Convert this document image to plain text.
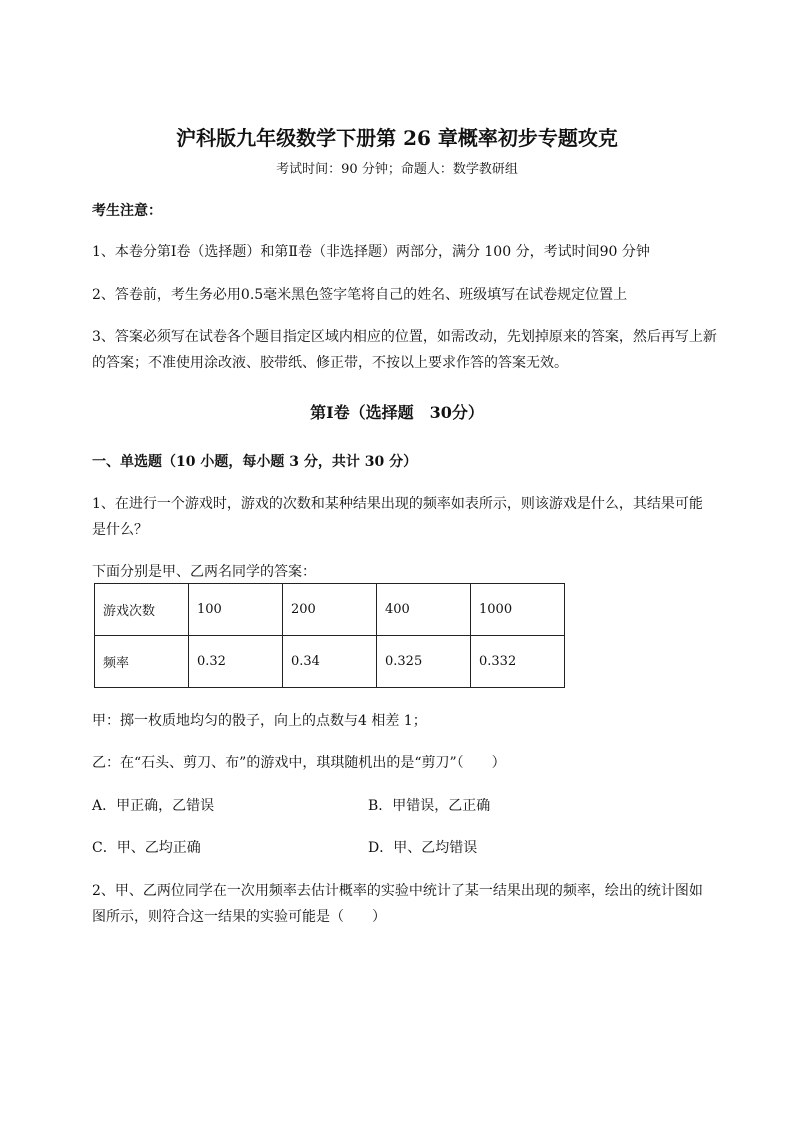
沪科版九年级数学下册第 26 章概率初步专题攻克
考试时间：90 分钟；命题人：数学教研组
考生注意：
1、本卷分第Ⅰ卷（选择题）和第Ⅱ卷（非选择题）两部分，满分 100 分，考试时间90 分钟
2、答卷前，考生务必用0.5毫米黑色签字笔将自己的姓名、班级填写在试卷规定位置上
3、答案必须写在试卷各个题目指定区域内相应的位置，如需改动，先划掉原来的答案，然后再写上新
的答案；不准使用涂改液、胶带纸、修正带，不按以上要求作答的答案无效。
第Ⅰ卷（选择题　30分）
一、单选题（10 小题，每小题 3 分，共计 30 分）
1、在进行一个游戏时，游戏的次数和某种结果出现的频率如表所示，则该游戏是什么，其结果可能
是什么？
下面分别是甲、乙两名同学的答案：
游戏次数	100	200	400	1000
频率	0.32	0.34	0.325	0.332
甲：掷一枚质地均匀的骰子，向上的点数与4 相差 1；
乙：在“石头、剪刀、布”的游戏中，琪琪随机出的是“剪刀”（　　）
A．甲正确，乙错误	B．甲错误，乙正确
C．甲、乙均正确	D．甲、乙均错误
2、甲、乙两位同学在一次用频率去估计概率的实验中统计了某一结果出现的频率，绘出的统计图如
图所示，则符合这一结果的实验可能是（　　）
